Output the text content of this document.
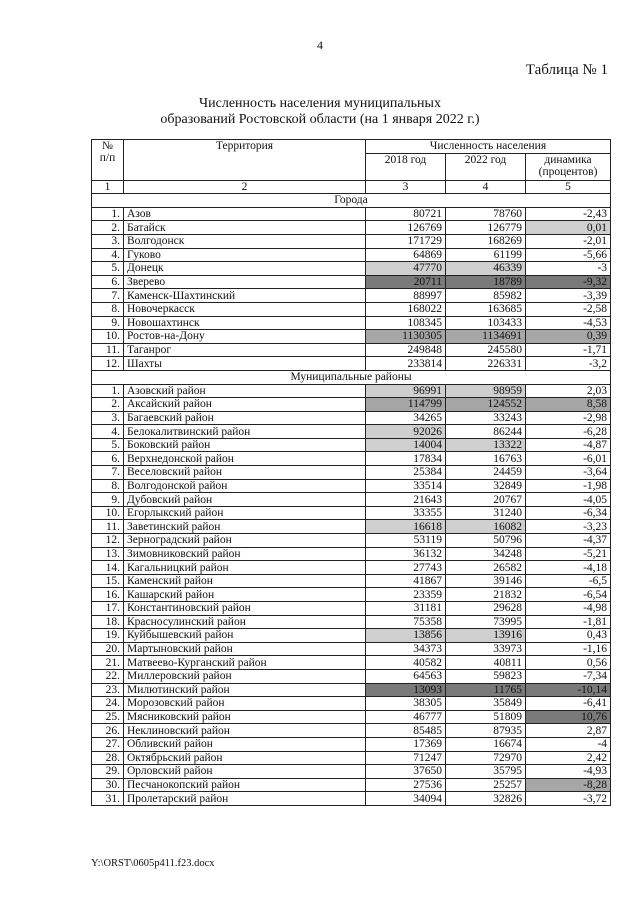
4
Таблица № 1
Численность населения муниципальных
образований Ростовской области (на 1 января 2022 г.)
№
п/п	Территория	Численность населения		
		2018 год	2022 год	динамика
(процентов)
1	2	3	4	5
Города				
1.	Азов	80721	78760	-2,43
2.	Батайск	126769	126779	0,01
3.	Волгодонск	171729	168269	-2,01
4.	Гуково	64869	61199	-5,66
5.	Донецк	47770	46339	-3
6.	Зверево	20711	18789	-9,32
7.	Каменск-Шахтинский	88997	85982	-3,39
8.	Новочеркасск	168022	163685	-2,58
9.	Новошахтинск	108345	103433	-4,53
10.	Ростов-на-Дону	1130305	1134691	0,39
11.	Таганрог	249848	245580	-1,71
12.	Шахты	233814	226331	-3,2
Муниципальные районы				
1.	Азовский район	96991	98959	2,03
2.	Аксайский район	114799	124552	8,58
3.	Багаевский район	34265	33243	-2,98
4.	Белокалитвинский район	92026	86244	-6,28
5.	Боковский район	14004	13322	-4,87
6.	Верхнедонской район	17834	16763	-6,01
7.	Веселовский район	25384	24459	-3,64
8.	Волгодонской район	33514	32849	-1,98
9.	Дубовский район	21643	20767	-4,05
10.	Егорлыкский район	33355	31240	-6,34
11.	Заветинский район	16618	16082	-3,23
12.	Зерноградский район	53119	50796	-4,37
13.	Зимовниковский район	36132	34248	-5,21
14.	Кагальницкий район	27743	26582	-4,18
15.	Каменский район	41867	39146	-6,5
16.	Кашарский район	23359	21832	-6,54
17.	Константиновский район	31181	29628	-4,98
18.	Красносулинский район	75358	73995	-1,81
19.	Куйбышевский район	13856	13916	0,43
20.	Мартыновский район	34373	33973	-1,16
21.	Матвеево-Курганский район	40582	40811	0,56
22.	Миллеровский район	64563	59823	-7,34
23.	Милютинский район	13093	11765	-10,14
24.	Морозовский район	38305	35849	-6,41
25.	Мясниковский район	46777	51809	10,76
26.	Неклиновский район	85485	87935	2,87
27.	Обливский район	17369	16674	-4
28.	Октябрьский район	71247	72970	2,42
29.	Орловский район	37650	35795	-4,93
30.	Песчанокопский район	27536	25257	-8,28
31.	Пролетарский район	34094	32826	-3,72
Y:\ORST\0605p411.f23.docx
